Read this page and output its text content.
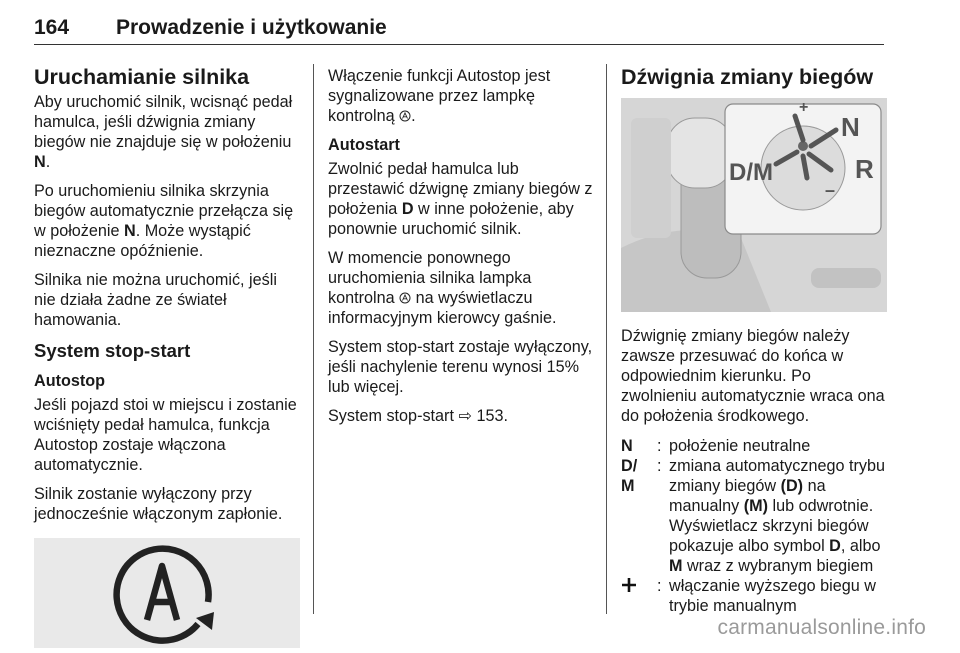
164 Prowadzenie i użytkowanie
Uruchamianie silnika

Aby uruchomić silnik, wcisnąć pedał hamulca, jeśli dźwignia zmiany biegów nie znajduje się w położeniu
N.

Po uruchomieniu silnika skrzynia biegów automatycznie przełącza się w położenie N. Może wystąpić nieznaczne opóźnienie.

Silnika nie można uruchomić, jeśli nie działa żadne ze świateł hamowania.

System stop-start
Autostop

Jeśli pojazd stoi w miejscu i zostanie wciśnięty pedał hamulca, funkcja Autostop zostaje włączona automatycznie.

Silnik zostanie wyłączony przy jednocześnie włączonym zapłonie.

Włączenie funkcji Autostop jest sygnalizowane przez lampkę kontrolną .

Autostart

Zwolnić pedał hamulca lub przestawić dźwignę zmiany biegów z położenia D w inne położenie, aby ponownie uruchomić silnik.

W momencie ponownego uruchomienia silnika lampka kontrolna na wyświetlaczu informacyjnym kierowcy gaśnie.

System stop-start zostaje wyłączony, jeśli nachylenie terenu wynosi 15% lub więcej.

System stop-start ⇨ 153.

Dźwignia zmiany biegów
+
N
D/M	R
–

Dźwignię zmiany biegów należy zawsze przesuwać do końca w odpowiednim kierunku. Po zwolnieniu automatycznie wraca ona do położenia środkowego.

N	: położenie neutralne
D/
M
: zmiana automatycznego trybu zmiany biegów (D) na manualny (M) lub odwrotnie. Wyświetlacz skrzyni biegów pokazuje albo symbol D, albo M wraz z wybranym biegiem
: włączanie wyższego biegu w trybie manualnym
carmanualsonline.info
